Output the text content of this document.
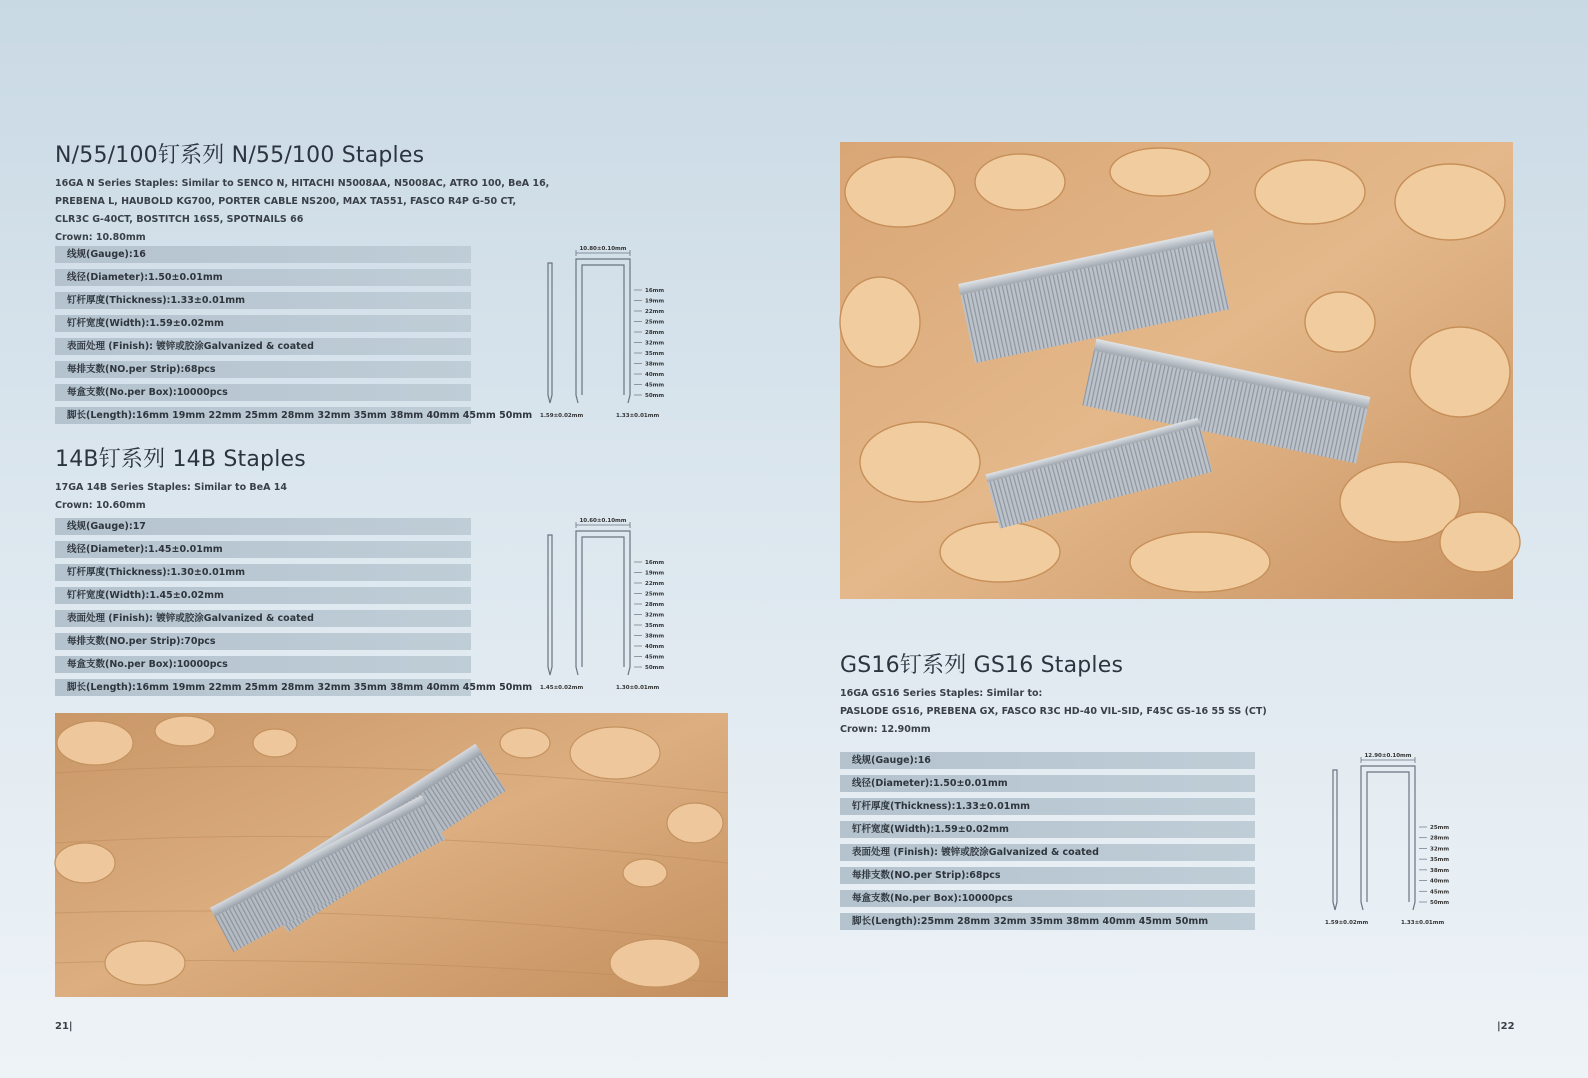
N/55/100钉系列 N/55/100 Staples
16GA N Series Staples: Similar to SENCO N, HITACHI N5008AA, N5008AC, ATRO 100, BeA 16,
PREBENA L, HAUBOLD KG700, PORTER CABLE NS200, MAX TA551, FASCO R4P G-50 CT,
CLR3C G-40CT, BOSTITCH 16S5, SPOTNAILS 66
Crown: 10.80mm
线规(Gauge):16
线径(Diameter):1.50±0.01mm
钉杆厚度(Thickness):1.33±0.01mm
钉杆宽度(Width):1.59±0.02mm
表面处理 (Finish): 镀锌或胶涂Galvanized & coated
每排支数(NO.per Strip):68pcs
每盒支数(No.per Box):10000pcs
脚长(Length):16mm 19mm 22mm 25mm 28mm 32mm 35mm 38mm 40mm 45mm 50mm
10.80±0.10mm
16mm
19mm
22mm
25mm
28mm
32mm
35mm
38mm
40mm
45mm
50mm
1.59±0.02mm	1.33±0.01mm
14B钉系列 14B Staples
17GA 14B Series Staples: Similar to BeA 14
Crown: 10.60mm
线规(Gauge):17
线径(Diameter):1.45±0.01mm
钉杆厚度(Thickness):1.30±0.01mm
钉杆宽度(Width):1.45±0.02mm
表面处理 (Finish): 镀锌或胶涂Galvanized & coated
每排支数(NO.per Strip):70pcs
每盒支数(No.per Box):10000pcs
脚长(Length):16mm 19mm 22mm 25mm 28mm 32mm 35mm 38mm 40mm 45mm 50mm
10.60±0.10mm
16mm
19mm
22mm
25mm
28mm
32mm
35mm
38mm
40mm
45mm
50mm
1.45±0.02mm	1.30±0.01mm
21|
GS16钉系列 GS16 Staples
16GA GS16 Series Staples: Similar to:
PASLODE GS16, PREBENA GX, FASCO R3C HD-40 VIL-SID, F45C GS-16 55 SS (CT)
Crown: 12.90mm
线规(Gauge):16
线径(Diameter):1.50±0.01mm
钉杆厚度(Thickness):1.33±0.01mm
钉杆宽度(Width):1.59±0.02mm
表面处理 (Finish): 镀锌或胶涂Galvanized & coated
每排支数(NO.per Strip):68pcs
每盒支数(No.per Box):10000pcs
脚长(Length):25mm 28mm 32mm 35mm 38mm 40mm 45mm 50mm
12.90±0.10mm
25mm
28mm
32mm
35mm
38mm
40mm
45mm
50mm
1.59±0.02mm	1.33±0.01mm
|22
